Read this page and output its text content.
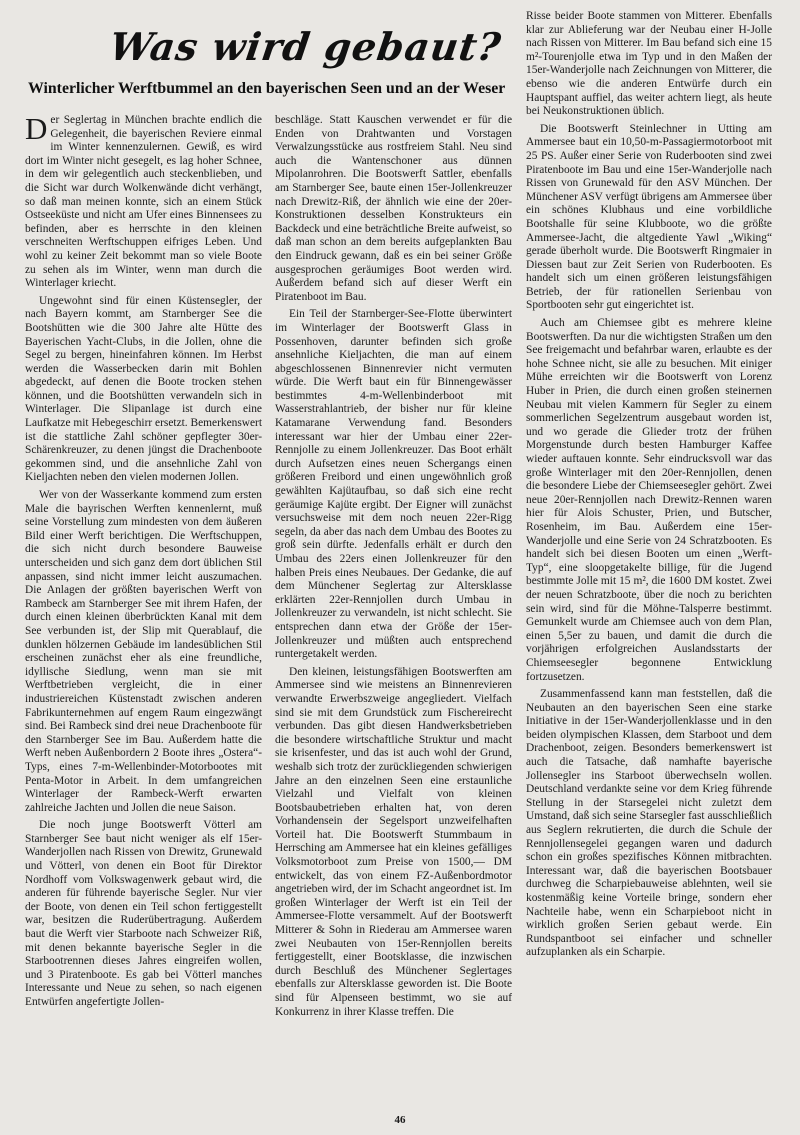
Was wird gebaut?
Winterlicher Werftbummel an den bayerischen Seen und an der Weser

Der Seglertag in München brachte endlich die Gelegenheit, die bayerischen Reviere einmal im Winter kennenzulernen. Gewiß, es wird dort im Winter nicht gesegelt, es lag hoher Schnee, in dem wir gelegentlich auch steckenblieben, und die Sicht war durch Wolkenwände dicht verhängt, so daß man meinen konnte, sich an einem Stück Ostseeküste und nicht am Ufer eines Binnensees zu befinden, aber es herrschte in den kleinen verschneiten Werftschuppen eifriges Leben. Und wohl zu keiner Zeit bekommt man so viele Boote zu sehen als im Winter, wenn man durch die Winterlager kriecht.

Ungewohnt sind für einen Küstensegler, der nach Bayern kommt, am Starnberger See die Bootshütten wie die 300 Jahre alte Hütte des Bayerischen Yacht-Clubs, in die Jollen, ohne die Segel zu bergen, hineinfahren können. Im Herbst werden die Wasserbecken darin mit Bohlen abgedeckt, auf denen die Boote trocken stehen können, und die Bootshütten verwandeln sich in Winterlager. Die Slipanlage ist durch eine Laufkatze mit Hebegeschirr ersetzt. Bemerkenswert ist die stattliche Zahl schöner gepflegter 30er-Schärenkreuzer, zu denen jüngst die Drachenboote gekommen sind, und die ansehnliche Zahl von Kieljachten neben den vielen modernen Jollen.

Wer von der Wasserkante kommend zum ersten Male die bayrischen Werften kennenlernt, muß seine Vorstellung zum mindesten von dem äußeren Bild einer Werft berichtigen. Die Werftschuppen, die sich nicht durch besondere Bauweise unterscheiden und sich ganz dem dort üblichen Stil anpassen, sind nicht immer leicht auszumachen. Die Anlagen der größten bayerischen Werft von Rambeck am Starnberger See mit ihrem Hafen, der durch einen kleinen überbrückten Kanal mit dem See verbunden ist, der Slip mit Querablauf, die dunklen hölzernen Gebäude im landesüblichen Stil erscheinen zunächst eher als eine freundliche, idyllische Siedlung, wenn man sie mit Werftbetrieben vergleicht, die in einer industriereichen Küstenstadt zwischen anderen Fabrikunternehmen auf engem Raum eingezwängt sind. Bei Rambeck sind drei neue Drachenboote für den Starnberger See im Bau. Außerdem hatte die Werft neben Außenbordern 2 Boote ihres „Ostera“-Typs, eines 7-m-Wellenbinder-Motorbootes mit Penta-Motor in Arbeit. In dem umfangreichen Winterlager der Rambeck-Werft erwarten zahlreiche Jachten und Jollen die neue Saison.

Die noch junge Bootswerft Vötterl am Starnberger See baut nicht weniger als elf 15er-Wanderjollen nach Rissen von Drewitz, Grunewald und Vötterl, von denen ein Boot für Direktor Nordhoff vom Volkswagenwerk gebaut wird, die anderen für führende bayerische Segler. Nur vier der Boote, von denen ein Teil schon fertiggestellt war, besitzen die Ruderübertragung. Außerdem baut die Werft vier Starboote nach Schweizer Riß, mit denen bekannte bayerische Segler in die Starbootrennen dieses Jahres eingreifen wollen, und 3 Piratenboote. Es gab bei Vötterl manches Interessante und Neue zu sehen, so nach eigenen Entwürfen angefertigte Jollen-

beschläge. Statt Kauschen verwendet er für die Enden von Drahtwanten und Vorstagen Verwalzungsstücke aus rostfreiem Stahl. Neu sind auch die Wantenschoner aus dünnen Mipolanrohren. Die Bootswerft Sattler, ebenfalls am Starnberger See, baute einen 15er-Jollenkreuzer nach Drewitz-Riß, der ähnlich wie eine der 20er-Konstruktionen desselben Konstrukteurs ein Backdeck und eine beträchtliche Breite aufweist, so daß man schon an dem bereits aufgeplankten Bau den Eindruck gewann, daß es ein bei seiner Größe ausgesprochen geräumiges Boot werden wird. Außerdem befand sich auf dieser Werft ein Piratenboot im Bau.

Ein Teil der Starnberger-See-Flotte überwintert im Winterlager der Bootswerft Glass in Possenhoven, darunter befinden sich große ansehnliche Kieljachten, die man auf einem abgeschlossenen Binnenrevier nicht vermuten würde. Die Werft baut ein für Binnengewässer bestimmtes 4-m-Wellenbinderboot mit Wasserstrahlantrieb, der bisher nur für kleine Katamarane Verwendung fand. Besonders interessant war hier der Umbau einer 22er-Rennjolle zu einem Jollenkreuzer. Das Boot erhält durch Aufsetzen eines neuen Schergangs einen größeren Freibord und einen ungewöhnlich groß gewählten Kajütaufbau, so daß sich eine recht geräumige Kajüte ergibt. Der Eigner will zunächst versuchsweise mit dem noch neuen 22er-Rigg segeln, da aber das nach dem Umbau des Bootes zu groß sein dürfte. Jedenfalls erhält er durch den Umbau des 22ers einen Jollenkreuzer für den halben Preis eines Neubaues. Der Gedanke, die auf dem Münchener Seglertag zur Altersklasse erklärten 22er-Rennjollen durch Umbau in Jollenkreuzer zu verwandeln, ist nicht schlecht. Sie entsprechen dann etwa der Größe der 15er-Jollenkreuzer und müßten auch entsprechend runtergetakelt werden.

Den kleinen, leistungsfähigen Bootswerften am Ammersee sind wie meistens an Binnenrevieren verwandte Erwerbszweige angegliedert. Vielfach sind sie mit dem Grundstück zum Fischereirecht verbunden. Das gibt diesen Handwerksbetrieben die besondere wirtschaftliche Struktur und macht sie krisenfester, und das ist auch wohl der Grund, weshalb sich trotz der zurückliegenden schwierigen Jahre an den einzelnen Seen eine erstaunliche Vielzahl und Vielfalt von kleinen Bootsbaubetrieben erhalten hat, von deren Vorhandensein der Segelsport unzweifelhaften Vorteil hat. Die Bootswerft Stummbaum in Herrsching am Ammersee hat ein kleines gefälliges Volksmotorboot zum Preise von 1500,— DM entwickelt, das von einem FZ-Außenbordmotor angetrieben wird, der im Schacht angeordnet ist. Im großen Winterlager der Werft ist ein Teil der Ammersee-Flotte versammelt. Auf der Bootswerft Mitterer & Sohn in Riederau am Ammersee waren zwei Neubauten von 15er-Rennjollen bereits fertiggestellt, einer Bootsklasse, die inzwischen durch Beschluß des Münchener Seglertages ebenfalls zur Altersklasse geworden ist. Die Boote sind für Alpenseen bestimmt, wo sie auf Konkurrenz in ihrer Klasse treffen. Die

Risse beider Boote stammen von Mitterer. Ebenfalls klar zur Ablieferung war der Neubau einer H-Jolle nach Rissen von Mitterer. Im Bau befand sich eine 15 m²-Tourenjolle etwa im Typ und in den Maßen der 15er-Wanderjolle nach Zeichnungen von Mitterer, die ebenso wie die anderen Entwürfe durch ein Hauptspant auffiel, das weiter achtern liegt, als heute bei Neukonstruktionen üblich.

Die Bootswerft Steinlechner in Utting am Ammersee baut ein 10,50-m-Passagiermotorboot mit 25 PS. Außer einer Serie von Ruderbooten sind zwei Piratenboote im Bau und eine 15er-Wanderjolle nach Rissen von Grunewald für den ASV München. Der Münchener ASV verfügt übrigens am Ammersee über ein schönes Klubhaus und eine vorbildliche Bootshalle für seine Klubboote, wo die größte Ammersee-Jacht, die altgediente Yawl „Wiking“ gerade überholt wurde. Die Bootswerft Ringmaier in Diessen baut zur Zeit Serien von Ruderbooten. Es handelt sich um einen größeren leistungsfähigen Betrieb, der für rationellen Serienbau von Sportbooten sehr gut eingerichtet ist.

Auch am Chiemsee gibt es mehrere kleine Bootswerften. Da nur die wichtigsten Straßen um den See freigemacht und befahrbar waren, erlaubte es der hohe Schnee nicht, sie alle zu besuchen. Mit einiger Mühe erreichten wir die Bootswerft von Lorenz Huber in Prien, die durch einen großen steinernen Neubau mit vielen Kammern für Segler zu einem sommerlichen Segelzentrum ausgebaut worden ist, und wo gerade die Glieder trotz der frühen Morgenstunde durch besten Hamburger Kaffee wieder auftauen konnte. Sehr eindrucksvoll war das große Winterlager mit den 20er-Rennjollen, denen die besondere Liebe der Chiemseesegler gehört. Zwei neue 20er-Rennjollen nach Drewitz-Rennen waren hier für Alois Schuster, Prien, und Butscher, Rosenheim, im Bau. Außerdem eine 15er-Wanderjolle und eine Serie von 24 Schratzbooten. Es handelt sich bei diesen Booten um einen „Werft-Typ“, eine sloopgetakelte billige, für die Jugend bestimmte Jolle mit 15 m², die 1600 DM kostet. Zwei der neuen Schratzboote, über die noch zu berichten sein wird, sind für die Möhne-Talsperre bestimmt. Gemunkelt wurde am Chiemsee auch von dem Plan, einen 5,5er zu bauen, und damit die durch die vorjährigen erfolgreichen Auslandsstarts der Chiemseesegler begonnene Entwicklung fortzusetzen.

Zusammenfassend kann man feststellen, daß die Neubauten an den bayerischen Seen eine starke Initiative in der 15er-Wanderjollenklasse und in den beiden olympischen Klassen, dem Starboot und dem Drachenboot, zeigen. Besonders bemerkenswert ist auch die Tatsache, daß namhafte bayerische Jollensegler ins Starboot überwechseln wollen. Deutschland verdankte seine vor dem Krieg führende Stellung in der Starsegelei nicht zuletzt dem Umstand, daß sich seine Starsegler fast ausschließlich aus Seglern rekrutierten, die durch die Schule der Rennjollensegelei gegangen waren und dadurch schon ein großes spezifisches Können mitbrachten. Interessant war, daß die bayerischen Bootsbauer durchweg die Scharpiebauweise ablehnten, weil sie kostenmäßig keine Vorteile bringe, sondern eher Nachteile habe, wenn ein Scharpieboot nicht in wirklich großen Serien gebaut werde. Ein Rundspantboot sei einfacher und schneller aufzuplanken als ein Scharpie.

46
